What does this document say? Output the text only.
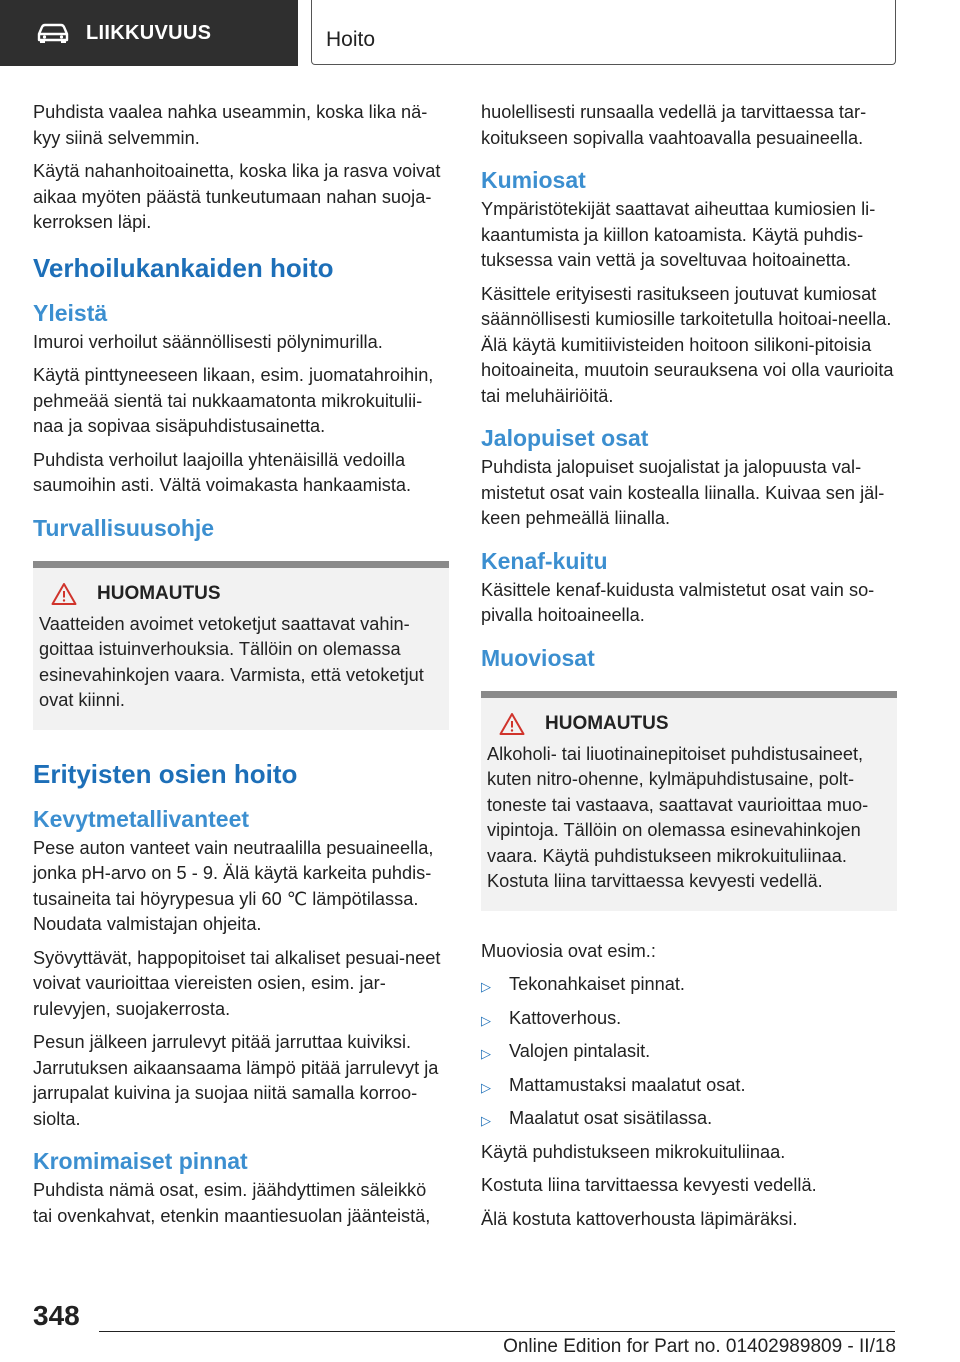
LIIKKUVUUS	Hoito

Puhdista vaalea nahka useammin, koska lika nä-kyy siinä selvemmin.

Käytä nahanhoitoainetta, koska lika ja rasva voivat aikaa myöten päästä tunkeutumaan nahan suoja-kerroksen läpi.

Verhoilukankaiden hoito
Yleistä

Imuroi verhoilut säännöllisesti pölynimurilla.

Käytä pinttyneeseen likaan, esim. juomatahroihin, pehmeää sientä tai nukkaamatonta mikrokuitulii-naa ja sopivaa sisäpuhdistusainetta.

Puhdista verhoilut laajoilla yhtenäisillä vedoilla saumoihin asti. Vältä voimakasta hankaamista.

Turvallisuusohje
HUOMAUTUS

Vaatteiden avoimet vetoketjut saattavat vahin-goittaa istuinverhouksia. Tällöin on olemassa esinevahinkojen vaara. Varmista, että vetoketjut ovat kiinni.

Erityisten osien hoito
Kevytmetallivanteet

Pese auton vanteet vain neutraalilla pesuaineella, jonka pH-arvo on 5 - 9. Älä käytä karkeita puhdis-tusaineita tai höyrypesua yli 60 ℃ lämpötilassa. Noudata valmistajan ohjeita.

Syövyttävät, happopitoiset tai alkaliset pesuai-neet voivat vaurioittaa viereisten osien, esim. jar-rulevyjen, suojakerrosta.

Pesun jälkeen jarrulevyt pitää jarruttaa kuiviksi. Jarrutuksen aikaansaama lämpö pitää jarrulevyt ja jarrupalat kuivina ja suojaa niitä samalla korroo-siolta.

Kromimaiset pinnat

Puhdista nämä osat, esim. jäähdyttimen säleikkö tai ovenkahvat, etenkin maantiesuolan jäänteistä,

huolellisesti runsaalla vedellä ja tarvittaessa tar-koitukseen sopivalla vaahtoavalla pesuaineella.

Kumiosat

Ympäristötekijät saattavat aiheuttaa kumiosien li-kaantumista ja kiillon katoamista. Käytä puhdis-tuksessa vain vettä ja soveltuvaa hoitoainetta.

Käsittele erityisesti rasitukseen joutuvat kumiosat säännöllisesti kumiosille tarkoitetulla hoitoai-neella. Älä käytä kumitiivisteiden hoitoon silikoni-pitoisia hoitoaineita, muutoin seurauksena voi olla vaurioita tai meluhäiriöitä.

Jalopuiset osat

Puhdista jalopuiset suojalistat ja jalopuusta val-mistetut osat vain kostealla liinalla. Kuivaa sen jäl-keen pehmeällä liinalla.

Kenaf-kuitu

Käsittele kenaf-kuidusta valmistetut osat vain so-pivalla hoitoaineella.

Muoviosat
HUOMAUTUS

Alkoholi- tai liuotinainepitoiset puhdistusaineet, kuten nitro-ohenne, kylmäpuhdistusaine, polt-toneste tai vastaava, saattavat vaurioittaa muo-vipintoja. Tällöin on olemassa esinevahinkojen vaara. Käytä puhdistukseen mikrokuituliinaa. Kostuta liina tarvittaessa kevyesti vedellä.

Muoviosia ovat esim.:

▷ Tekonahkaiset pinnat.
▷ Kattoverhous.
▷ Valojen pintalasit.
▷ Mattamustaksi maalatut osat.
▷ Maalatut osat sisätilassa.

Käytä puhdistukseen mikrokuituliinaa.

Kostuta liina tarvittaessa kevyesti vedellä.

Älä kostuta kattoverhousta läpimäräksi.

348
Online Edition for Part no. 01402989809 - II/18
